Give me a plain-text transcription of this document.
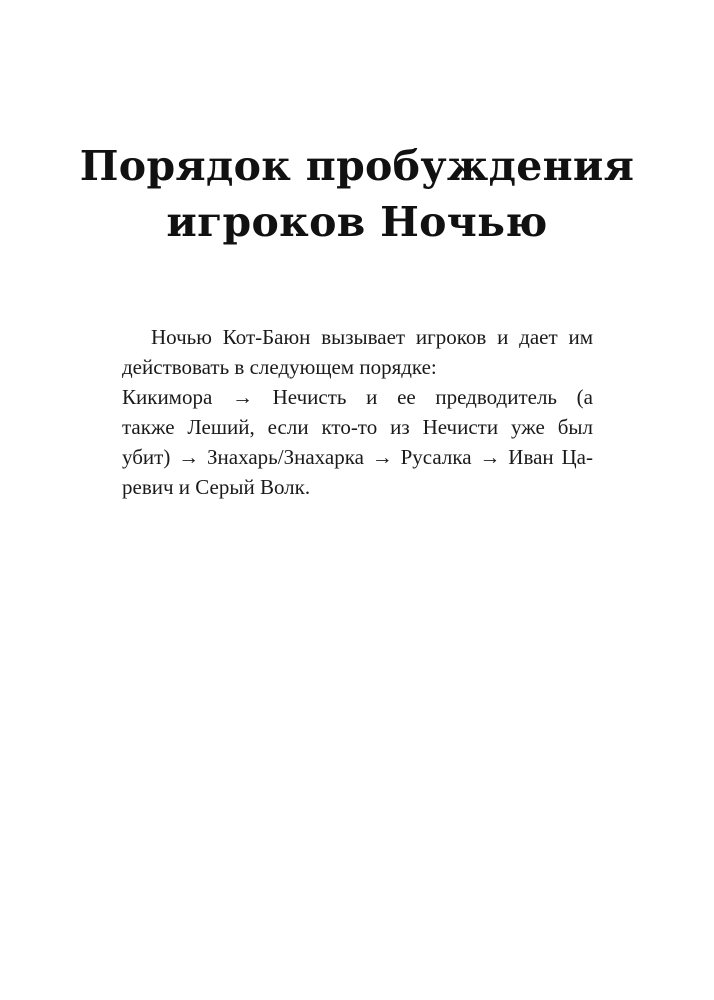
Порядок пробуждения
игроков Ночью

Ночью Кот-Баюн вызывает игроков и дает им
действовать в следующем порядке:

Кикимора → Нечисть и ее предводитель (а
также Леший, если кто-то из Нечисти уже был
убит) → Знахарь/Знахарка → Русалка → Иван Ца-
ревич и Серый Волк.
